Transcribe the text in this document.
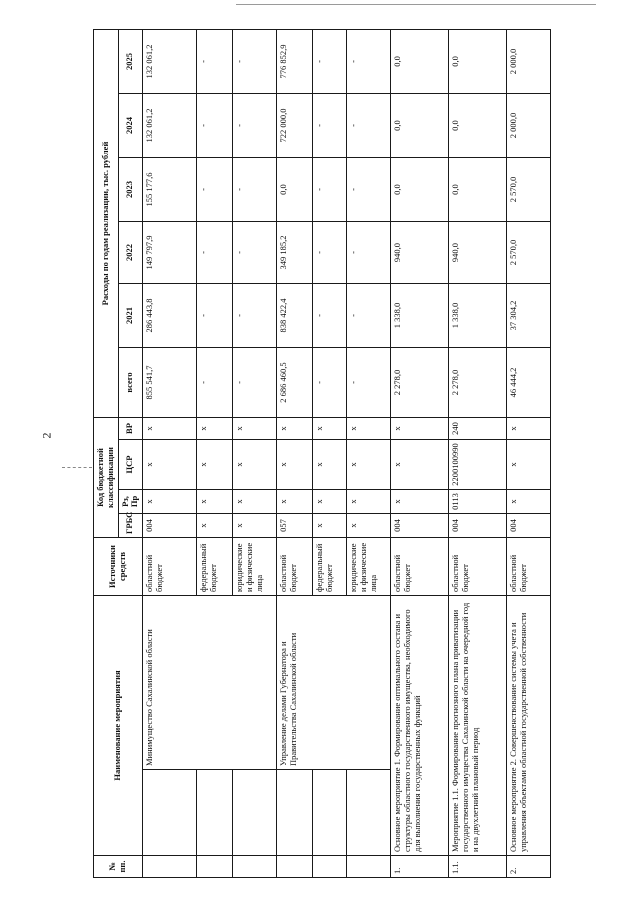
2
№ пп.	Наименование мероприятия		Источники средств	Код бюджетной классификации				Расходы по годам реализации, тыс. рублей					
				ГРБС	Рз, Пр	ЦСР	ВР	всего	2021	2022	2023	2024	2025
		Минимущество Сахалинской области	областной бюджет	004	х	х	х	855 541,7	286 443,8	149 797,9	155 177,6	132 061,2	132 061,2
			федеральный бюджет	х	х	х	х	-	-	-	-	-	-
			юридические и физические лица	х	х	х	х	-	-	-	-	-	-
		Управление делами Губернатора и Правительства Сахалинской области	областной бюджет	057	х	х	х	2 686 460,5	838 422,4	349 185,2	0,0	722 000,0	776 852,9
			федеральный бюджет	х	х	х	х	-	-	-	-	-	-
			юридические и физические лица	х	х	х	х	-	-	-	-	-	-
1.	Основное мероприятие 1. Формирование оптимального состава и структуры областного государственного имущества, необходимого для выполнения государственных функций		областной бюджет	004	х	х	х	2 278,0	1 338,0	940,0	0,0	0,0	0,0
1.1.	Мероприятие 1.1. Формирование прогнозного плана приватизации государственного имущества Сахалинской области на очередной год и на двухлетний плановый период		областной бюджет	004	0113	2200100990	240	2 278,0	1 338,0	940,0	0,0	0,0	0,0
2.	Основное мероприятие 2. Совершенствование системы учета и управления объектами областной государственной собственности		областной бюджет	004	х	х	х	46 444,2	37 304,2	2 570,0	2 570,0	2 000,0	2 000,0
